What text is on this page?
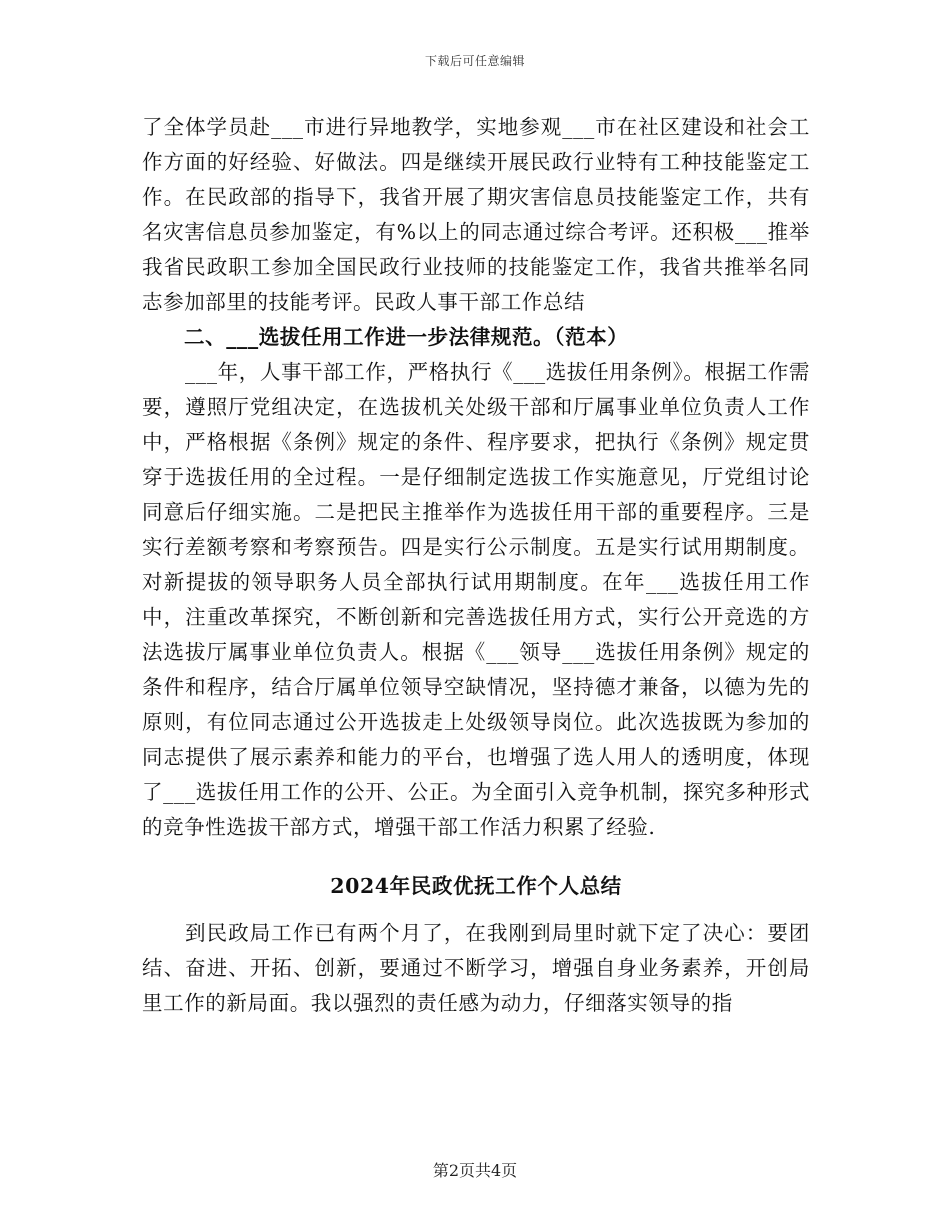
下载后可任意编辑

了全体学员赴___市进行异地教学，实地参观___市在社区建设和社会工作方面的好经验、好做法。四是继续开展民政行业特有工种技能鉴定工作。在民政部的指导下，我省开展了期灾害信息员技能鉴定工作，共有名灾害信息员参加鉴定，有%以上的同志通过综合考评。还积极___推举我省民政职工参加全国民政行业技师的技能鉴定工作，我省共推举名同志参加部里的技能考评。民政人事干部工作总结

二、___选拔任用工作进一步法律规范。（范本）

___年，人事干部工作，严格执行《___选拔任用条例》。根据工作需要，遵照厅党组决定，在选拔机关处级干部和厅属事业单位负责人工作中，严格根据《条例》规定的条件、程序要求，把执行《条例》规定贯穿于选拔任用的全过程。一是仔细制定选拔工作实施意见，厅党组讨论同意后仔细实施。二是把民主推举作为选拔任用干部的重要程序。三是实行差额考察和考察预告。四是实行公示制度。五是实行试用期制度。对新提拔的领导职务人员全部执行试用期制度。在年___选拔任用工作中，注重改革探究，不断创新和完善选拔任用方式，实行公开竞选的方法选拔厅属事业单位负责人。根据《___领导___选拔任用条例》规定的条件和程序，结合厅属单位领导空缺情况，坚持德才兼备，以德为先的原则，有位同志通过公开选拔走上处级领导岗位。此次选拔既为参加的同志提供了展示素养和能力的平台，也增强了选人用人的透明度，体现了___选拔任用工作的公开、公正。为全面引入竞争机制，探究多种形式的竞争性选拔干部方式，增强干部工作活力积累了经验.

2024年民政优抚工作个人总结

到民政局工作已有两个月了，在我刚到局里时就下定了决心：要团结、奋进、开拓、创新，要通过不断学习，增强自身业务素养，开创局里工作的新局面。我以强烈的责任感为动力，仔细落实领导的指

第2页共4页
